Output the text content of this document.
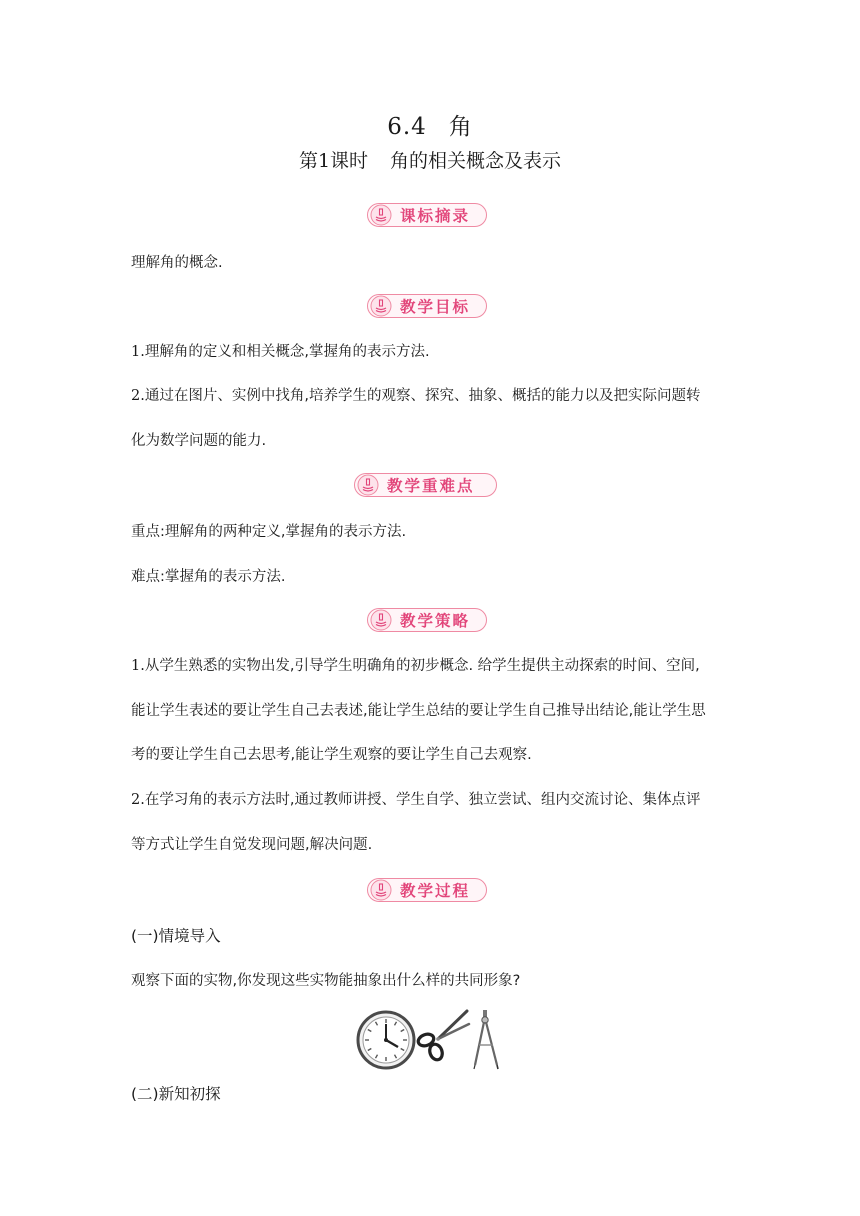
6.4 角
第1课时 角的相关概念及表示
课标摘录
理解角的概念.
教学目标
1.理解角的定义和相关概念,掌握角的表示方法.
2.通过在图片、实例中找角,培养学生的观察、探究、抽象、概括的能力以及把实际问题转
化为数学问题的能力.
教学重难点
重点:理解角的两种定义,掌握角的表示方法.
难点:掌握角的表示方法.
教学策略
1.从学生熟悉的实物出发,引导学生明确角的初步概念. 给学生提供主动探索的时间、空间,
能让学生表述的要让学生自己去表述,能让学生总结的要让学生自己推导出结论,能让学生思
考的要让学生自己去思考,能让学生观察的要让学生自己去观察.
2.在学习角的表示方法时,通过教师讲授、学生自学、独立尝试、组内交流讨论、集体点评
等方式让学生自觉发现问题,解决问题.
教学过程
(一)情境导入
观察下面的实物,你发现这些实物能抽象出什么样的共同形象?
(二)新知初探
